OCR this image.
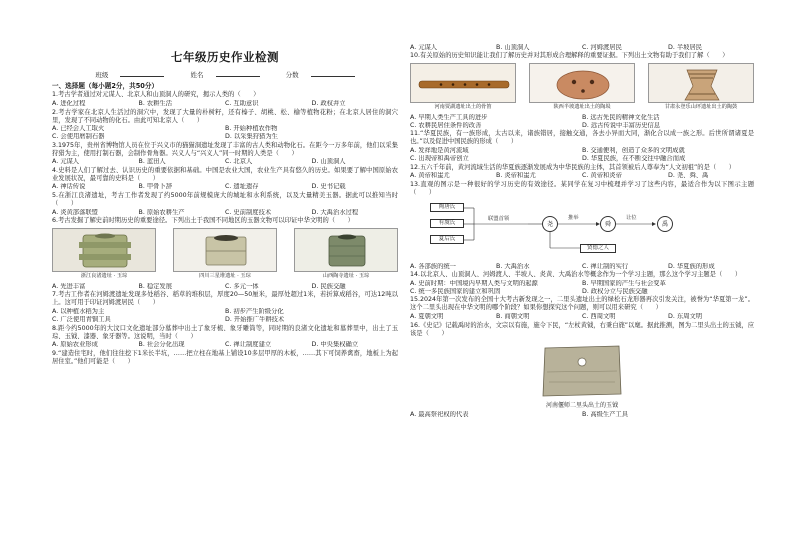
七年级历史作业检测
班级	姓名	分数
一、选择题（每小题2分，共50分）
1.考古学者通过对元谋人、北京人和山顶洞人的研究，揭示人类的（　　）
A. 进化过程	B. 农耕生活	C. 互助意识	D. 政权并立
2.考古学家在北京人生活过的洞穴中，发现了大量的朴树籽，还有榛子、胡桃、松、榆等植物花粉；在北京人居住的洞穴里，发现了不同动物的化石。由此可知北京人（　　）
A. 已经会人工取火	B. 开始种植农作物
C. 会使用磨制石器	D. 以采集狩猎为生
3.1975年，贵州省博物馆人员在位于兴义市的猫猫洞遗址发现了丰富的古人类和动物化石。在距今一万多年前，他们以采集狩猎为主，使用打制石器，会制作骨角器。兴义人与“兴义人”同一时期的人类是（　　）
A. 元谋人	B. 蓝田人	C. 北京人	D. 山顶洞人
4.史料是人们了解过去、认识历史的重要依据和基础。中国是农业大国，农业生产具有悠久的历史。如果要了解中国原始农业发展状况，最可靠的史料是（　　）
A. 神话传说	B. 甲骨卜辞	C. 遗址遗存	D. 史书记载
5.在浙江良渚遗址，考古工作者发现了约5000年前规模庞大的城址和水利系统，以及大量精美玉器。据此可以推知当时（　　）
A. 炎黄部落联盟	B. 原始农耕生产	C. 史前制度技术	D. 大禹治水过程
6.考古发掘了解史前时期历史的重要途径。下列出土于我国不同地区的玉器文物可以印证中华文明的（　　）
浙江良渚遗址 · 玉琮	四川三星堆遗址 · 玉琮	山西陶寺遗址 · 玉琮
A. 先进丰富	B. 稳定发展	C. 多元一体	D. 民族交融
7.考古工作者在河姆渡遗址发现多处稻谷、稻草的堆积层，厚度20—50厘米，最厚处超过1米，若折算成稻谷，可达12吨以上。这可用于印证河姆渡居民（　　）
A. 以种植水稻为主	B. 初步产生阶级分化
C. 广泛使用青铜工具	D. 开始推广牛耕技术
8.距今约5000年的大汶口文化遗址部分墓葬中出土了象牙梳、象牙雕筒等，同时期的良渚文化遗址和墓葬里中，出土了玉琮、玉钺、漆器、象牙器等。这说明，当时（　　）
A. 原始农业形成	B. 社会分化出现	C. 禅让制度建立	D. 中央集权确立
9.“建造住宅时，他们往往挖下1米长半坑，……把立柱在地基上铺设10多层甲厚的木板，……其下可饲养禽畜，地板上为起居住室。”他们可能是（　　）
A. 元谋人	B. 山顶洞人	C. 河姆渡居民	D. 半坡居民
10.有关原始的历史知识能让我们了解历史并对其形成合理解释的重要证据。下列出土文物有助于我们了解（　　）
河南贾湖遗址出土的骨笛	陕西半坡遗址出土的陶埙	甘肃永登乐山坪遗址出土的陶鼓
A. 早期人类生产工具的进步	B. 远古先民的精神文化生活
C. 农耕民居住条件的改善	D. 远古传说中丰富历史信息
11.“华夏民族，有一族形成，太古以来，诸族错居，接触交通，各去小异而大同，渐化合以成一族之形。后世所谓诸夏是也。”以及促进中国民族的形成（　　）
A. 发祥地是黄河流域	B. 交通便利，创造了众多的文明成就
C. 出现帝和禹帝创立	D. 华夏民族，在不断交往中融合而成
12.五六千年前，黄河流域生活的华夏族逐渐发展成为中华民族的主体，其首领被后人尊奉为“人文初祖”的是（　　）
A. 黄帝和蚩尤	B. 炎帝和蚩尤	C. 黄帝和炎帝	D. 尧、舜、禹
13.直观的图示是一种很好的学习历史的有效途径。某同学在复习中梳理并学习了这些内容，最适合作为以下图示主题（　　）
陶唐氏
有虞氏
夏后氏
联盟首领
尧
推举
舜
让位
禹
贤德之人
A. 各部族的统一	B. 大禹治水	C. 禅让制的实行	D. 华夏族的形成
14.以北京人、山顶洞人、河姆渡人、半坡人、炎黄、大禹治水等概念作为一个学习主题，那么这个学习主题是（　　）
A. 史前时期：中国境内早期人类与文明的起源	B. 早期国家的产生与社会变革
C. 统一多民族国家的建立和巩固	D. 政权分立与民族交融
15.2024年第一次发布的全国十大考古新发现之一，二里头遗址出土的绿松石龙形器再次引发关注，被誉为“华夏第一龙”。这个二里头出现在中华文明的哪个阶段？如果你想探究这个问题，则可以用来研究（　　）
A. 夏朝文明	B. 商朝文明	C. 西周文明	D. 东周文明
16.《史记》记载禹时的治水，文宗以有施，施令下民，“左杖黄钺，右秉白旄”以麾。据此推测，图为二里头出土的玉钺，应该是（　　）
河南偃师二里头出土的玉钺
A. 最高祭祀权的代表	B. 高级生产工具
